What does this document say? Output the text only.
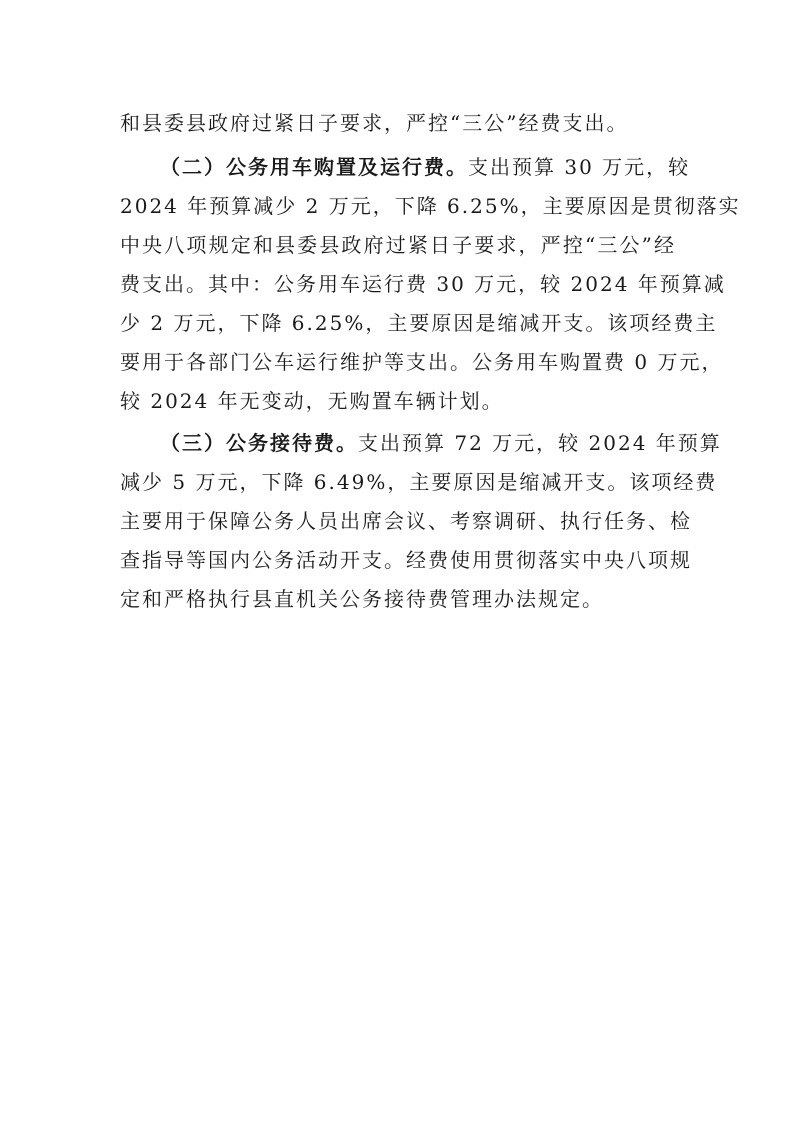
和县委县政府过紧日子要求，严控“三公”经费支出。
（二）公务用车购置及运行费。支出预算 30 万元，较
2024 年预算减少 2 万元，下降 6.25%，主要原因是贯彻落实
中央八项规定和县委县政府过紧日子要求，严控“三公”经
费支出。其中：公务用车运行费 30 万元，较 2024 年预算减
少 2 万元，下降 6.25%，主要原因是缩减开支。该项经费主
要用于各部门公车运行维护等支出。公务用车购置费 0 万元，
较 2024 年无变动，无购置车辆计划。
（三）公务接待费。支出预算 72 万元，较 2024 年预算
减少 5 万元，下降 6.49%，主要原因是缩减开支。该项经费
主要用于保障公务人员出席会议、考察调研、执行任务、检
查指导等国内公务活动开支。经费使用贯彻落实中央八项规
定和严格执行县直机关公务接待费管理办法规定。
